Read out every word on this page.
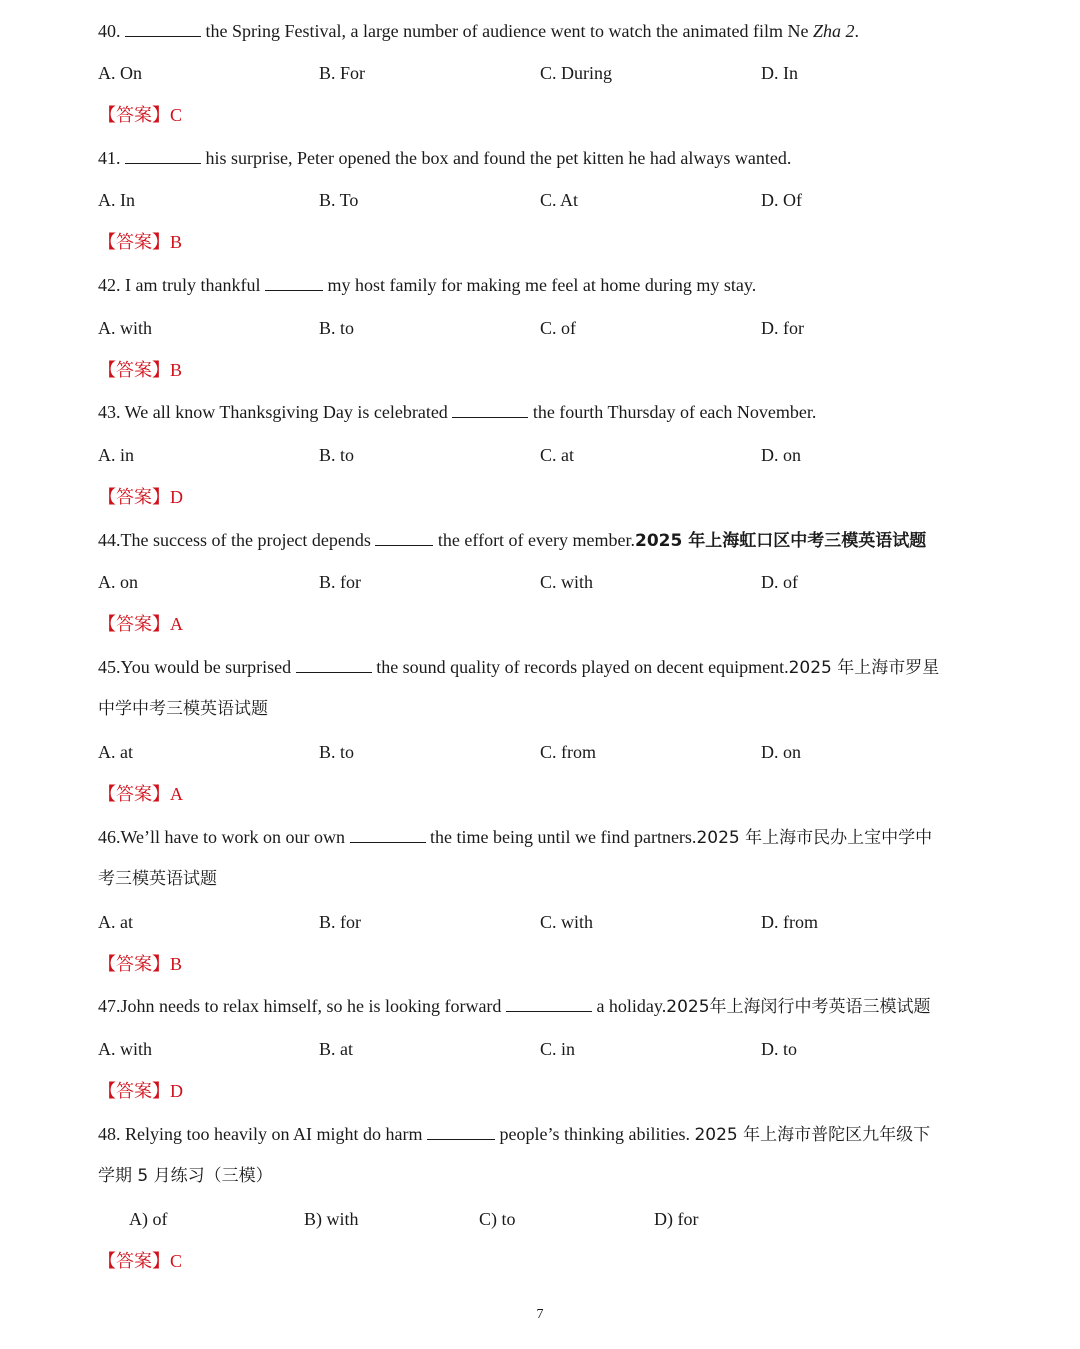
40.	the Spring Festival, a large number of audience went to watch the animated film Ne Zha 2.
A. On	B. For	C. During	D. In
【答案】C
41.	his surprise, Peter opened the box and found the pet kitten he had always wanted.
A. In	B. To	C. At	D. Of
【答案】B
42. I am truly thankful	my host family for making me feel at home during my stay.
A. with	B. to	C. of	D. for
【答案】B
43. We all know Thanksgiving Day is celebrated	the fourth Thursday of each November.
A. in	B. to	C. at	D. on
【答案】D
44.The success of the project depends	the effort of every member.2025 年上海虹口区中考三模英语试题
A. on	B. for	C. with	D. of
【答案】A
45.You would be surprised	the sound quality of records played on decent equipment.2025 年上海市罗星
中学中考三模英语试题
A. at	B. to	C. from	D. on
【答案】A
46.We’ll have to work on our own	the time being until we find partners.2025 年上海市民办上宝中学中
考三模英语试题
A. at	B. for	C. with	D. from
【答案】B
47.John needs to relax himself, so he is looking forward	a holiday.2025年上海闵行中考英语三模试题
A. with	B. at	C. in	D. to
【答案】D
48. Relying too heavily on AI might do harm	people’s thinking abilities. 2025 年上海市普陀区九年级下
学期 5 月练习（三模）
A) of	B) with	C) to	D) for
【答案】C
7
